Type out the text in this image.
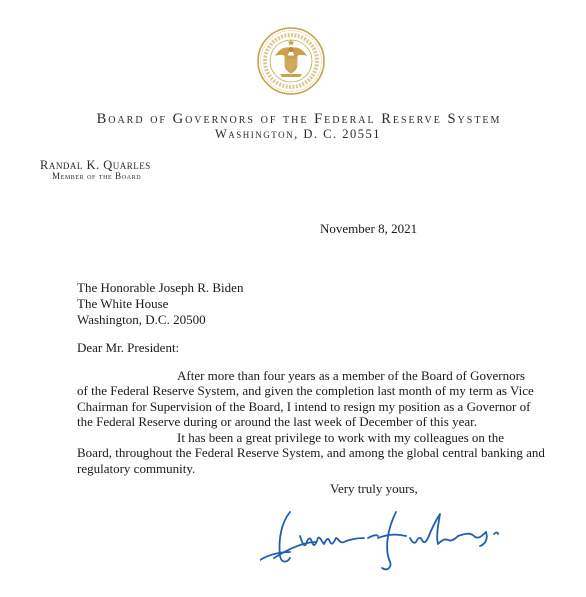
Board of Governors of the Federal Reserve System
Washington, D. C. 20551
Randal K. Quarles
Member of the Board
November 8, 2021
The Honorable Joseph R. Biden
The White House
Washington, D.C. 20500
Dear Mr. President:
After more than four years as a member of the Board of Governors
of the Federal Reserve System, and given the completion last month of my term as Vice
Chairman for Supervision of the Board, I intend to resign my position as a Governor of
the Federal Reserve during or around the last week of December of this year.
It has been a great privilege to work with my colleagues on the
Board, throughout the Federal Reserve System, and among the global central banking and
regulatory community.
Very truly yours,
